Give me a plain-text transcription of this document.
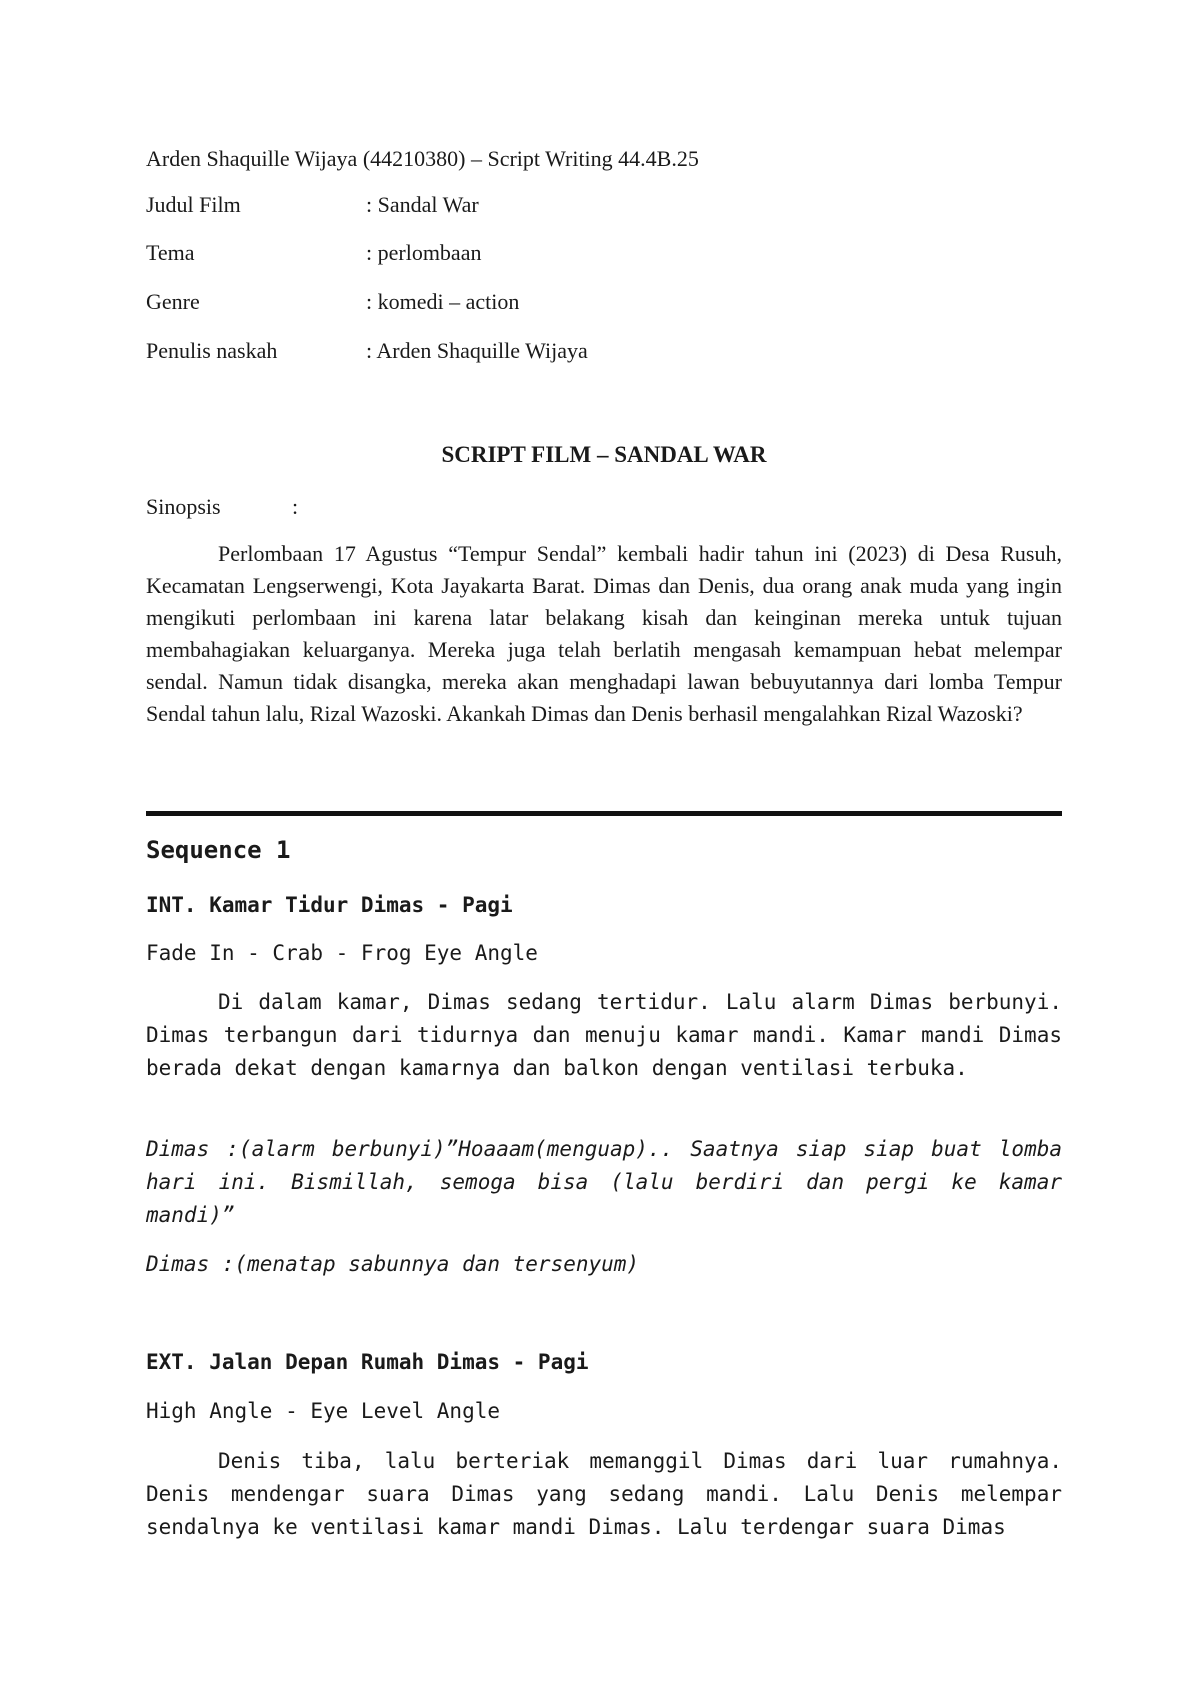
Arden Shaquille Wijaya (44210380) – Script Writing 44.4B.25
Judul Film	: Sandal War
Tema	: perlombaan
Genre	: komedi – action
Penulis naskah	: Arden Shaquille Wijaya
SCRIPT FILM – SANDAL WAR
Sinopsis	:

Perlombaan 17 Agustus “Tempur Sendal” kembali hadir tahun ini (2023) di Desa Rusuh, Kecamatan Lengserwengi, Kota Jayakarta Barat. Dimas dan Denis, dua orang anak muda yang ingin mengikuti perlombaan ini karena latar belakang kisah dan keinginan mereka untuk tujuan membahagiakan keluarganya. Mereka juga telah berlatih mengasah kemampuan hebat melempar sendal. Namun tidak disangka, mereka akan menghadapi lawan bebuyutannya dari lomba Tempur Sendal tahun lalu, Rizal Wazoski. Akankah Dimas dan Denis berhasil mengalahkan Rizal Wazoski?

Sequence 1
INT. Kamar Tidur Dimas - Pagi
Fade In - Crab - Frog Eye Angle

Di dalam kamar, Dimas sedang tertidur. Lalu alarm Dimas berbunyi. Dimas terbangun dari tidurnya dan menuju kamar mandi. Kamar mandi Dimas berada dekat dengan kamarnya dan balkon dengan ventilasi terbuka.

Dimas :(alarm berbunyi)”Hoaaam(menguap).. Saatnya siap siap buat lomba hari ini. Bismillah, semoga bisa (lalu berdiri dan pergi ke kamar mandi)”

Dimas :(menatap sabunnya dan tersenyum)

EXT. Jalan Depan Rumah Dimas - Pagi
High Angle - Eye Level Angle

Denis tiba, lalu berteriak memanggil Dimas dari luar rumahnya. Denis mendengar suara Dimas yang sedang mandi. Lalu Denis melempar sendalnya ke ventilasi kamar mandi Dimas. Lalu terdengar suara Dimas
